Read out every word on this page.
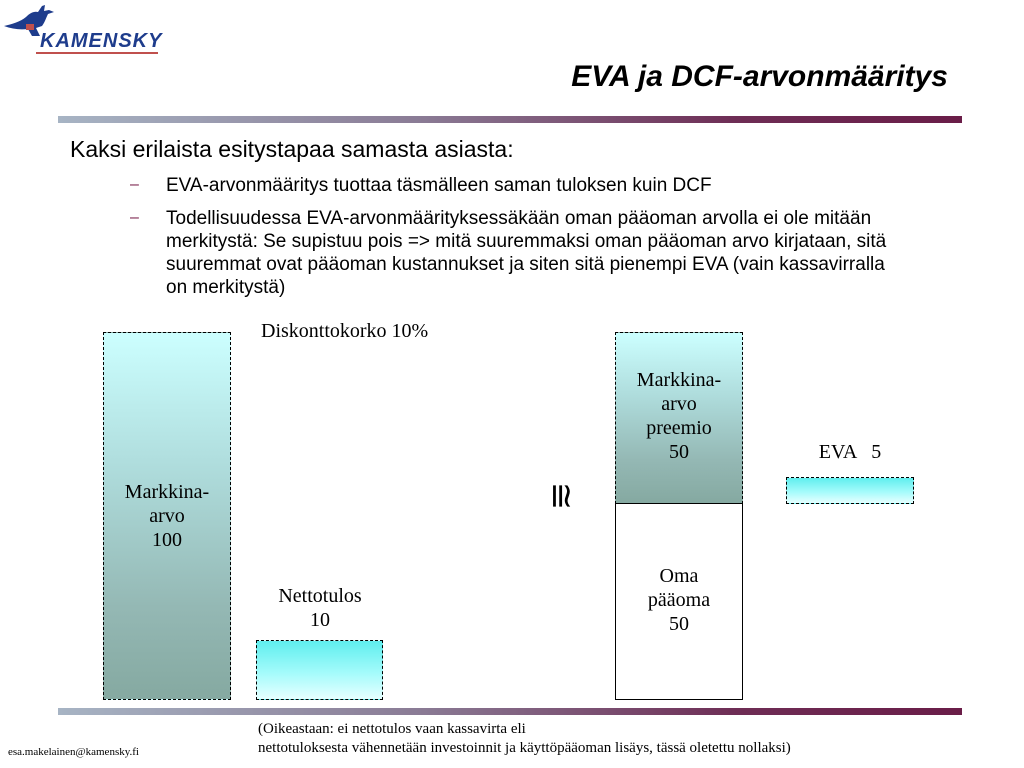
KAMENSKY
EVA ja DCF-arvonmääritys
Kaksi erilaista esitystapaa samasta asiasta:
– EVA-arvonmääritys tuottaa täsmälleen saman tuloksen kuin DCF
– Todellisuudessa EVA-arvonmäärityksessäkään oman pääoman arvolla ei ole mitään merkitystä: Se supistuu pois => mitä suuremmaksi oman pääoman arvo kirjataan, sitä suuremmat ovat pääoman kustannukset ja siten sitä pienempi EVA (vain kassavirralla on merkitystä)
Diskonttokorko 10%
Markkina-
arvo
100
Nettotulos
10
≅
Markkina-
arvo
preemio
50
Oma
pääoma
50
EVA   5
(Oikeastaan: ei nettotulos vaan kassavirta eli
nettotuloksesta vähennetään investoinnit ja käyttöpääoman lisäys, tässä oletettu nollaksi)
esa.makelainen@kamensky.fi
